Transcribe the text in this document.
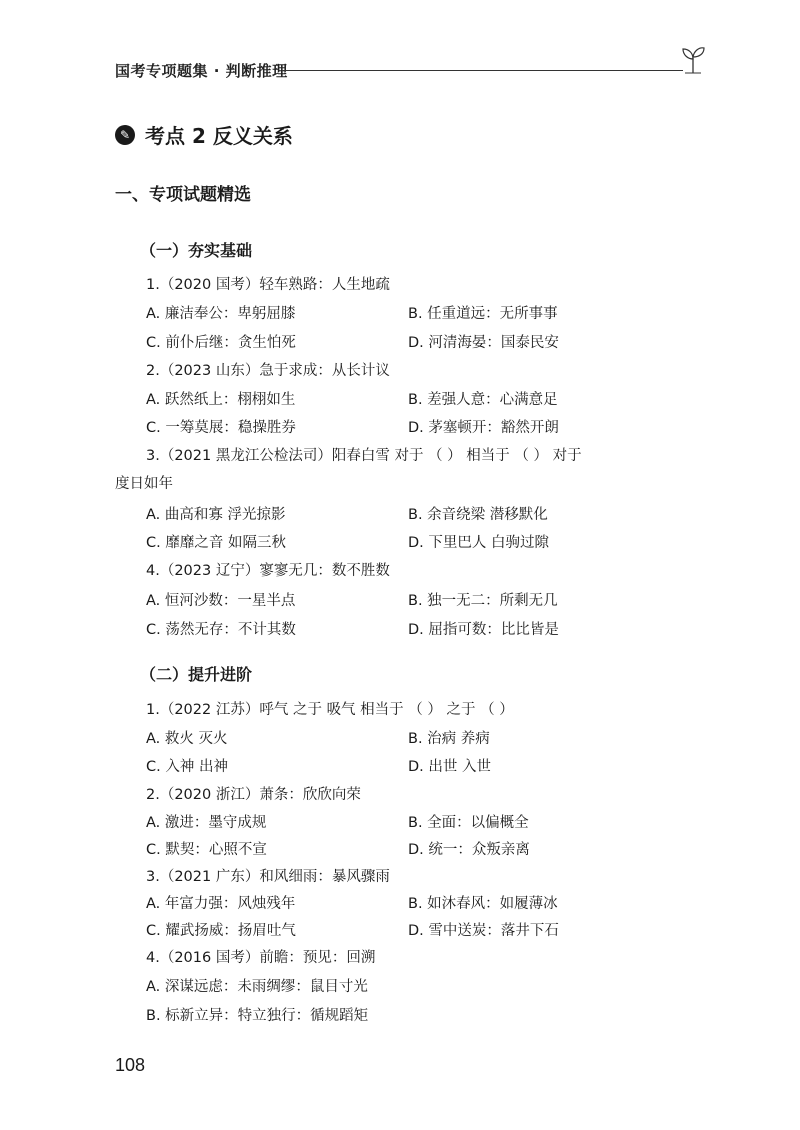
国考专项题集 · 判断推理
✎ 考点 2 反义关系
一、专项试题精选
（一）夯实基础
1.（2020 国考）轻车熟路：人生地疏
A. 廉洁奉公：卑躬屈膝	B. 任重道远：无所事事
C. 前仆后继：贪生怕死	D. 河清海晏：国泰民安
2.（2023 山东）急于求成：从长计议
A. 跃然纸上：栩栩如生	B. 差强人意：心满意足
C. 一筹莫展：稳操胜券	D. 茅塞顿开：豁然开朗
3.（2021 黑龙江公检法司）阳春白雪 对于 （ ） 相当于 （ ） 对于
度日如年
A. 曲高和寡 浮光掠影	B. 余音绕梁 潜移默化
C. 靡靡之音 如隔三秋	D. 下里巴人 白驹过隙
4.（2023 辽宁）寥寥无几：数不胜数
A. 恒河沙数：一星半点	B. 独一无二：所剩无几
C. 荡然无存：不计其数	D. 屈指可数：比比皆是
（二）提升进阶
1.（2022 江苏）呼气 之于 吸气 相当于 （ ） 之于 （ ）
A. 救火 灭火	B. 治病 养病
C. 入神 出神	D. 出世 入世
2.（2020 浙江）萧条：欣欣向荣
A. 激进：墨守成规	B. 全面：以偏概全
C. 默契：心照不宣	D. 统一：众叛亲离
3.（2021 广东）和风细雨：暴风骤雨
A. 年富力强：风烛残年	B. 如沐春风：如履薄冰
C. 耀武扬威：扬眉吐气	D. 雪中送炭：落井下石
4.（2016 国考）前瞻：预见：回溯
A. 深谋远虑：未雨绸缪：鼠目寸光
B. 标新立异：特立独行：循规蹈矩
108
